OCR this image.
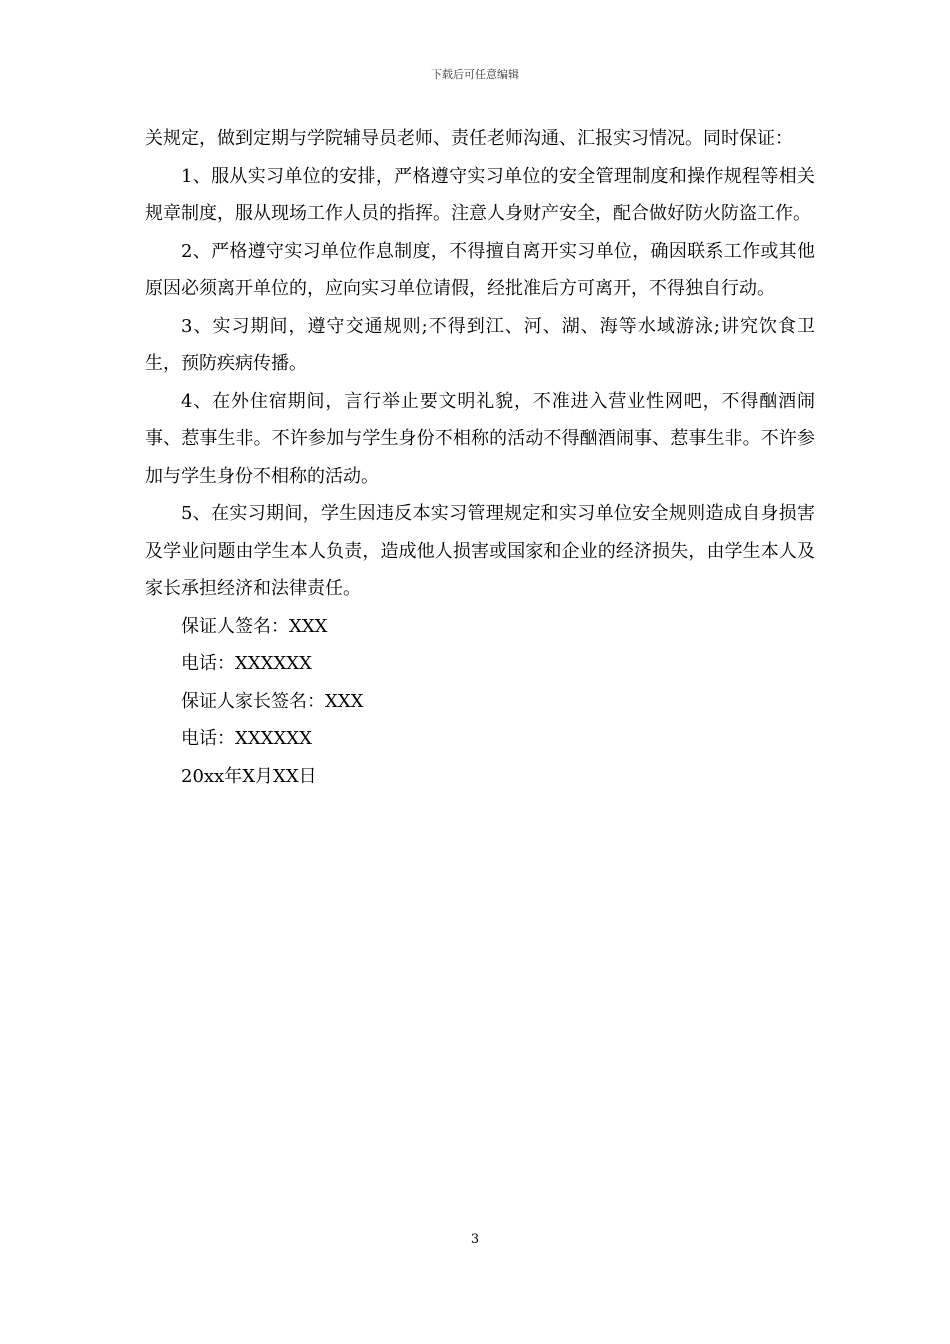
下载后可任意编辑

关规定，做到定期与学院辅导员老师、责任老师沟通、汇报实习情况。同时保证：

1、服从实习单位的安排，严格遵守实习单位的安全管理制度和操作规程等相关规章制度，服从现场工作人员的指挥。注意人身财产安全，配合做好防火防盗工作。

2、严格遵守实习单位作息制度，不得擅自离开实习单位，确因联系工作或其他原因必须离开单位的，应向实习单位请假，经批准后方可离开，不得独自行动。

3、实习期间，遵守交通规则;不得到江、河、湖、海等水域游泳;讲究饮食卫生，预防疾病传播。

4、在外住宿期间，言行举止要文明礼貌，不准进入营业性网吧，不得酗酒闹事、惹事生非。不许参加与学生身份不相称的活动不得酗酒闹事、惹事生非。不许参加与学生身份不相称的活动。

5、在实习期间，学生因违反本实习管理规定和实习单位安全规则造成自身损害及学业问题由学生本人负责，造成他人损害或国家和企业的经济损失，由学生本人及家长承担经济和法律责任。

保证人签名：XXX

电话：XXXXXX

保证人家长签名：XXX

电话：XXXXXX

20xx年X月XX日

3
